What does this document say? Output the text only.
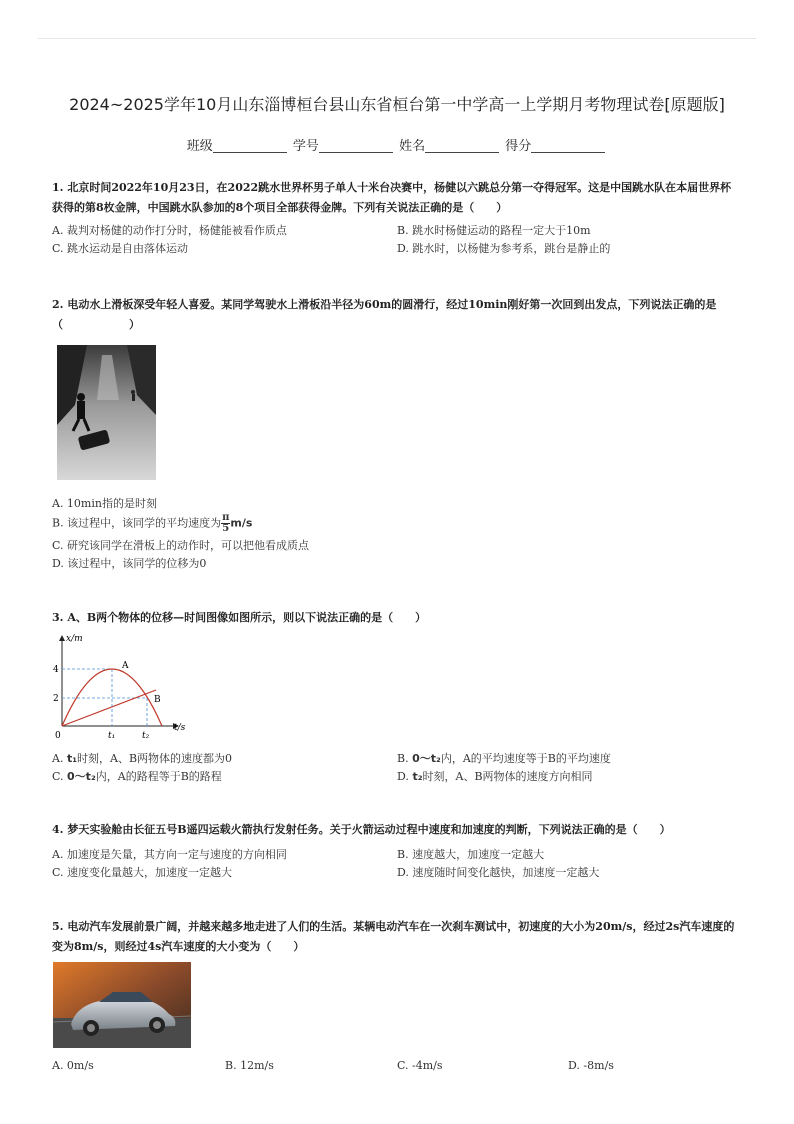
2024~2025学年10月山东淄博桓台县山东省桓台第一中学高一上学期月考物理试卷[原题版]
班级	学号	姓名	得分
1. 北京时间2022年10月23日，在2022跳水世界杯男子单人十米台决赛中，杨健以六跳总分第一夺得冠军。这是中国跳水队在本届世界杯获得的第8枚金牌，中国跳水队参加的8个项目全部获得金牌。下列有关说法正确的是（　　）
A. 裁判对杨健的动作打分时，杨健能被看作质点	B. 跳水时杨健运动的路程一定大于10m
C. 跳水运动是自由落体运动	D. 跳水时，以杨健为参考系，跳台是静止的
2. 电动水上滑板深受年轻人喜爱。某同学驾驶水上滑板沿半径为60m的圆滑行，经过10min刚好第一次回到出发点，下列说法正确的是（　　　　　　）
A. 10min指的是时刻
B. 该过程中，该同学的平均速度为 $\frac{\pi}{5} m/s$
C. 研究该同学在滑板上的动作时，可以把他看成质点
D. 该过程中，该同学的位移为0
3. A、B两个物体的位移—时间图像如图所示，则以下说法正确的是（　　）
x/m
t/s
4
2
0	t₁	t₂
A
B
A. t₁时刻，A、B两物体的速度都为0	B. 0～t₂内，A的平均速度等于B的平均速度
C. 0～t₂内，A的路程等于B的路程	D. t₂时刻，A、B两物体的速度方向相同
4. 梦天实验舱由长征五号B遥四运载火箭执行发射任务。关于火箭运动过程中速度和加速度的判断，下列说法正确的是（　　）
A. 加速度是矢量，其方向一定与速度的方向相同	B. 速度越大，加速度一定越大
C. 速度变化量越大，加速度一定越大	D. 速度随时间变化越快，加速度一定越大
5. 电动汽车发展前景广阔，并越来越多地走进了人们的生活。某辆电动汽车在一次刹车测试中，初速度的大小为20m/s，经过2s汽车速度的变为8m/s，则经过4s汽车速度的大小变为（　　）
A. 0m/s	B. 12m/s	C. -4m/s	D. -8m/s
